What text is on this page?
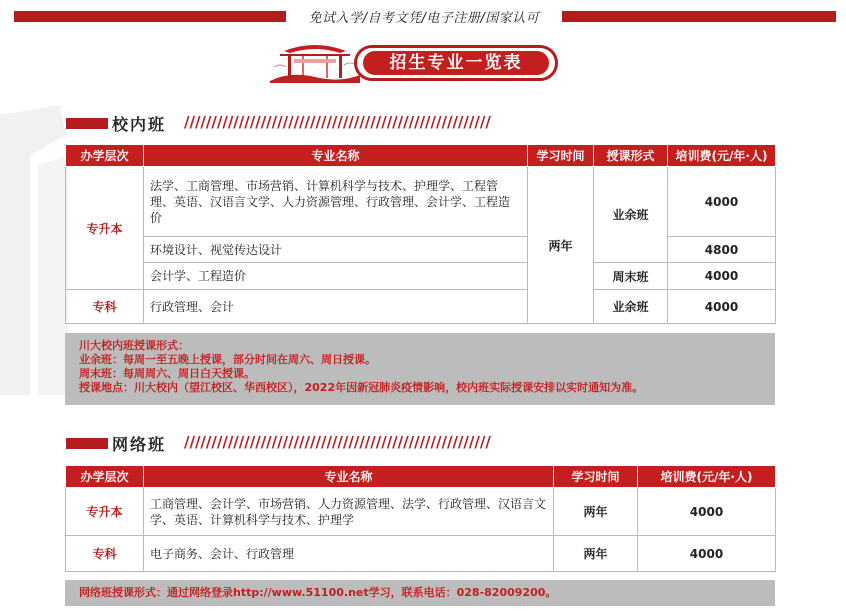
免试入学/自考文凭/电子注册/国家认可
招生专业一览表
校内班 ////////////////////////////////////////////////////////
办学层次	专业名称	学习时间	授课形式	培训费(元/年·人)
专升本	法学、工商管理、市场营销、计算机科学与技术、护理学、工程管理、英语、汉语言文学、人力资源管理、行政管理、会计学、工程造价	两年	业余班	4000
	环境设计、视觉传达设计			4800
	会计学、工程造价		周末班	4000
专科	行政管理、会计		业余班	4000
川大校内班授课形式：
业余班：每周一至五晚上授课，部分时间在周六、周日授课。
周末班：每周周六、周日白天授课。
授课地点：川大校内（望江校区、华西校区），2022年因新冠肺炎疫情影响，校内班实际授课安排以实时通知为准。
网络班 ////////////////////////////////////////////////////////
办学层次	专业名称	学习时间	培训费(元/年·人)
专升本	工商管理、会计学、市场营销、人力资源管理、法学、行政管理、汉语言文学、英语、计算机科学与技术、护理学	两年	4000
专科	电子商务、会计、行政管理	两年	4000
网络班授课形式：通过网络登录http://www.51100.net学习，联系电话：028-82009200。
